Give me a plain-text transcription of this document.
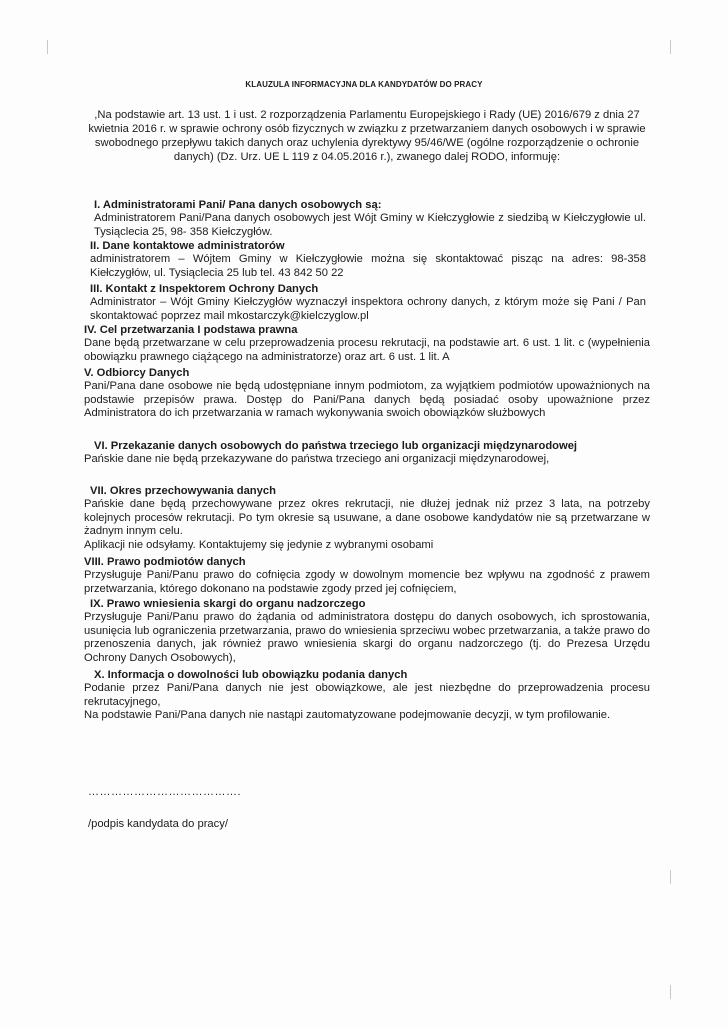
KLAUZULA INFORMACYJNA DLA KANDYDATÓW DO PRACY
,Na podstawie art. 13 ust. 1 i ust. 2 rozporządzenia Parlamentu Europejskiego i Rady (UE) 2016/679 z dnia 27 kwietnia 2016 r. w sprawie ochrony osób fizycznych w związku z przetwarzaniem danych osobowych i w sprawie swobodnego przepływu takich danych oraz uchylenia dyrektywy 95/46/WE (ogólne rozporządzenie o ochronie danych) (Dz. Urz. UE L 119 z 04.05.2016 r.), zwanego dalej RODO, informuję:
I. Administratorami Pani/ Pana danych osobowych są:
Administratorem Pani/Pana danych osobowych jest Wójt Gminy w Kiełczygłowie z siedzibą w Kiełczygłowie ul. Tysiąclecia 25, 98- 358 Kiełczygłów.
II. Dane kontaktowe administratorów
administratorem – Wójtem Gminy w Kiełczygłowie można się skontaktować pisząc na adres: 98-358 Kiełczygłów, ul. Tysiąclecia 25 lub tel. 43 842 50 22
III. Kontakt z Inspektorem Ochrony Danych
Administrator – Wójt Gminy Kiełczygłów wyznaczył inspektora ochrony danych, z którym może się Pani / Pan skontaktować poprzez mail mkostarczyk@kielczyglow.pl
IV. Cel przetwarzania I podstawa prawna
Dane będą przetwarzane w celu przeprowadzenia procesu rekrutacji, na podstawie art. 6 ust. 1 lit. c (wypełnienia obowiązku prawnego ciążącego na administratorze) oraz art. 6 ust. 1 lit. A
V. Odbiorcy Danych
Pani/Pana dane osobowe nie będą udostępniane innym podmiotom, za wyjątkiem podmiotów upoważnionych na podstawie przepisów prawa. Dostęp do Pani/Pana danych będą posiadać osoby upoważnione przez Administratora do ich przetwarzania w ramach wykonywania swoich obowiązków służbowych
VI. Przekazanie danych osobowych do państwa trzeciego lub organizacji międzynarodowej
Pańskie dane nie będą przekazywane do państwa trzeciego ani organizacji międzynarodowej,
VII. Okres przechowywania danych
Pańskie dane będą przechowywane przez okres rekrutacji, nie dłużej jednak niż przez 3 lata, na potrzeby kolejnych procesów rekrutacji. Po tym okresie są usuwane, a dane osobowe kandydatów nie są przetwarzane w żadnym innym celu.
Aplikacji nie odsyłamy. Kontaktujemy się jedynie z wybranymi osobami
VIII. Prawo podmiotów danych
Przysługuje Pani/Panu prawo do cofnięcia zgody w dowolnym momencie bez wpływu na zgodność z prawem przetwarzania, którego dokonano na podstawie zgody przed jej cofnięciem,
IX. Prawo wniesienia skargi do organu nadzorczego
Przysługuje Pani/Panu prawo do żądania od administratora dostępu do danych osobowych, ich sprostowania, usunięcia lub ograniczenia przetwarzania, prawo do wniesienia sprzeciwu wobec przetwarzania, a także prawo do przenoszenia danych, jak również prawo wniesienia skargi do organu nadzorczego (tj. do Prezesa Urzędu Ochrony Danych Osobowych),
X. Informacja o dowolności lub obowiązku podania danych
Podanie przez Pani/Pana danych nie jest obowiązkowe, ale jest niezbędne do przeprowadzenia procesu rekrutacyjnego,
Na podstawie Pani/Pana danych nie nastąpi zautomatyzowane podejmowanie decyzji, w tym profilowanie.
………………………………….
/podpis kandydata do pracy/
